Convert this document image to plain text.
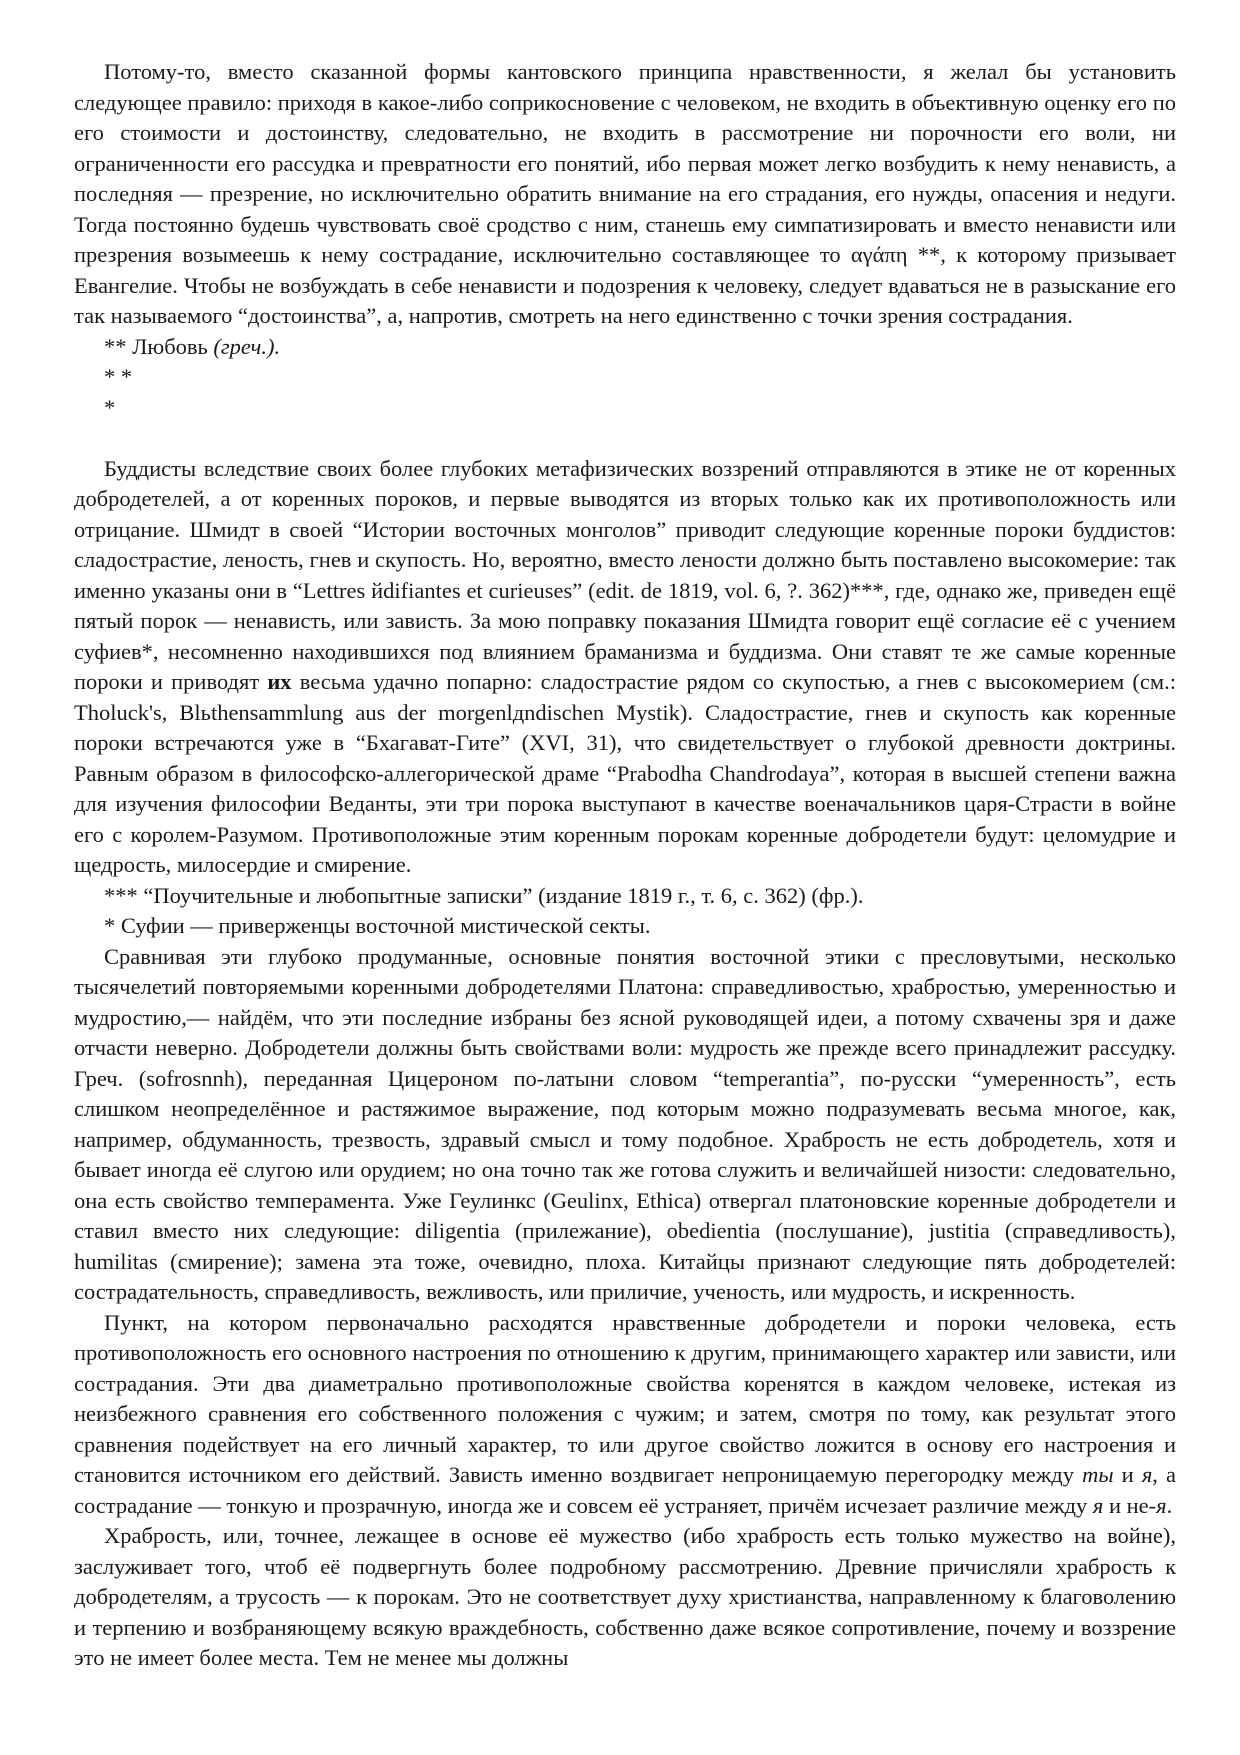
Потому-то, вместо сказанной формы кантовского принципа нравственности, я желал бы установить следующее правило: приходя в какое-либо соприкосновение с человеком, не входить в объективную оценку его по его стоимости и достоинству, следовательно, не входить в рассмотрение ни порочности его воли, ни ограниченности его рассудка и превратности его понятий, ибо первая может легко возбудить к нему ненависть, а последняя — презрение, но исключительно обратить внимание на его страдания, его нужды, опасения и недуги. Тогда постоянно будешь чувствовать своё сродство с ним, станешь ему симпатизировать и вместо ненависти или презрения возымеешь к нему сострадание, исключительно составляющее то αγάπη **, к которому призывает Евангелие. Чтобы не возбуждать в себе ненависти и подозрения к человеку, следует вдаваться не в разыскание его так называемого “достоинства”, а, напротив, смотреть на него единственно с точки зрения сострадания.

** Любовь (греч.).

* *

*

Буддисты вследствие своих более глубоких метафизических воззрений отправляются в этике не от коренных добродетелей, а от коренных пороков, и первые выводятся из вторых только как их противоположность или отрицание. Шмидт в своей “Истории восточных монголов” приводит следующие коренные пороки буддистов: сладострастие, леность, гнев и скупость. Но, вероятно, вместо лености должно быть поставлено высокомерие: так именно указаны они в “Lettres йdifiantes et curieuses” (edit. de 1819, vol. 6, ?. 362)***, где, однако же, приведен ещё пятый порок — ненависть, или зависть. За мою поправку показания Шмидта говорит ещё согласие её с учением суфиев*, несомненно находившихся под влиянием браманизма и буддизма. Они ставят те же самые коренные пороки и приводят их весьма удачно попарно: сладострастие рядом со скупостью, а гнев с высокомерием (см.: Tholuck's, Blьthensammlung aus der morgenlдndischen Mystik). Сладострастие, гнев и скупость как коренные пороки встречаются уже в “Бхагават-Гите” (XVI, 31), что свидетельствует о глубокой древности доктрины. Равным образом в философско-аллегорической драме “Prabodha Chandrodaya”, которая в высшей степени важна для изучения философии Веданты, эти три порока выступают в качестве военачальников царя-Страсти в войне его с королем-Разумом. Противоположные этим коренным порокам коренные добродетели будут: целомудрие и щедрость, милосердие и смирение.

*** “Поучительные и любопытные записки” (издание 1819 г., т. 6, с. 362) (фр.).

* Суфии — приверженцы восточной мистической секты.

Сравнивая эти глубоко продуманные, основные понятия восточной этики с пресловутыми, несколько тысячелетий повторяемыми коренными добродетелями Платона: справедливостью, храбростью, умеренностью и мудростию,— найдём, что эти последние избраны без ясной руководящей идеи, а потому схвачены зря и даже отчасти неверно. Добродетели должны быть свойствами воли: мудрость же прежде всего принадлежит рассудку. Греч. (sofrosnnh), переданная Цицероном по-латыни словом “temperantia”, по-русски “умеренность”, есть слишком неопределённое и растяжимое выражение, под которым можно подразумевать весьма многое, как, например, обдуманность, трезвость, здравый смысл и тому подобное. Храбрость не есть добродетель, хотя и бывает иногда её слугою или орудием; но она точно так же готова служить и величайшей низости: следовательно, она есть свойство темперамента. Уже Геулинкс (Geulinx, Ethica) отвергал платоновские коренные добродетели и ставил вместо них следующие: diligentia (прилежание), obedientia (послушание), justitia (справедливость), humilitas (смирение); замена эта тоже, очевидно, плоха. Китайцы признают следующие пять добродетелей: сострадательность, справедливость, вежливость, или приличие, ученость, или мудрость, и искренность.

Пункт, на котором первоначально расходятся нравственные добродетели и пороки человека, есть противоположность его основного настроения по отношению к другим, принимающего характер или зависти, или сострадания. Эти два диаметрально противоположные свойства коренятся в каждом человеке, истекая из неизбежного сравнения его собственного положения с чужим; и затем, смотря по тому, как результат этого сравнения подействует на его личный характер, то или другое свойство ложится в основу его настроения и становится источником его действий. Зависть именно воздвигает непроницаемую перегородку между ты и я, а сострадание — тонкую и прозрачную, иногда же и совсем её устраняет, причём исчезает различие между я и не-я.

Храбрость, или, точнее, лежащее в основе её мужество (ибо храбрость есть только мужество на войне), заслуживает того, чтоб её подвергнуть более подробному рассмотрению. Древние причисляли храбрость к добродетелям, а трусость — к порокам. Это не соответствует духу христианства, направленному к благоволению и терпению и возбраняющему всякую враждебность, собственно даже всякое сопротивление, почему и воззрение это не имеет более места. Тем не менее мы должны
